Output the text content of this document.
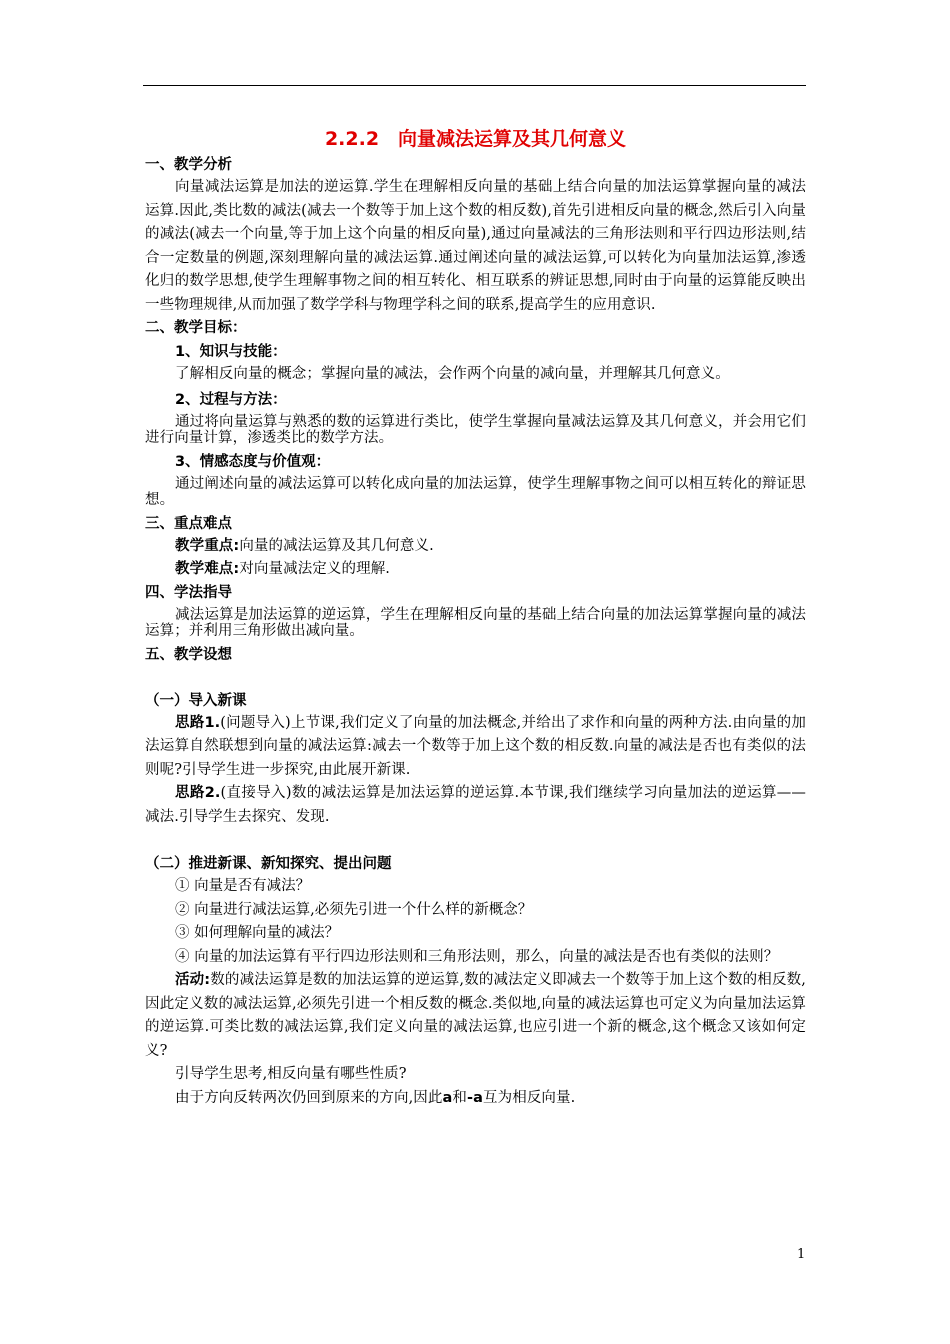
2.2.2　向量减法运算及其几何意义

一、教学分析

向量减法运算是加法的逆运算.学生在理解相反向量的基础上结合向量的加法运算掌握向量的减法运算.因此,类比数的减法(减去一个数等于加上这个数的相反数),首先引进相反向量的概念,然后引入向量的减法(减去一个向量,等于加上这个向量的相反向量),通过向量减法的三角形法则和平行四边形法则,结合一定数量的例题,深刻理解向量的减法运算.通过阐述向量的减法运算,可以转化为向量加法运算,渗透化归的数学思想,使学生理解事物之间的相互转化、相互联系的辨证思想,同时由于向量的运算能反映出一些物理规律,从而加强了数学学科与物理学科之间的联系,提高学生的应用意识.

二、教学目标：

1、知识与技能：

了解相反向量的概念；掌握向量的减法，会作两个向量的减向量，并理解其几何意义。

2、过程与方法：

通过将向量运算与熟悉的数的运算进行类比，使学生掌握向量减法运算及其几何意义，并会用它们进行向量计算，渗透类比的数学方法。

3、情感态度与价值观：

通过阐述向量的减法运算可以转化成向量的加法运算，使学生理解事物之间可以相互转化的辩证思想。

三、重点难点

教学重点:向量的减法运算及其几何意义.

教学难点:对向量减法定义的理解.

四、学法指导

减法运算是加法运算的逆运算，学生在理解相反向量的基础上结合向量的加法运算掌握向量的减法运算；并利用三角形做出减向量。

五、教学设想

（一）导入新课

思路1.(问题导入)上节课,我们定义了向量的加法概念,并给出了求作和向量的两种方法.由向量的加法运算自然联想到向量的减法运算:减去一个数等于加上这个数的相反数.向量的减法是否也有类似的法则呢?引导学生进一步探究,由此展开新课.

思路2.(直接导入)数的减法运算是加法运算的逆运算.本节课,我们继续学习向量加法的逆运算——减法.引导学生去探究、发现.

（二）推进新课、新知探究、提出问题

① 向量是否有减法？

② 向量进行减法运算,必须先引进一个什么样的新概念？

③ 如何理解向量的减法？

④ 向量的加法运算有平行四边形法则和三角形法则，那么，向量的减法是否也有类似的法则？

活动:数的减法运算是数的加法运算的逆运算,数的减法定义即减去一个数等于加上这个数的相反数,因此定义数的减法运算,必须先引进一个相反数的概念.类似地,向量的减法运算也可定义为向量加法运算的逆运算.可类比数的减法运算,我们定义向量的减法运算,也应引进一个新的概念,这个概念又该如何定义?

引导学生思考,相反向量有哪些性质?

由于方向反转两次仍回到原来的方向,因此a和-a互为相反向量.

1
